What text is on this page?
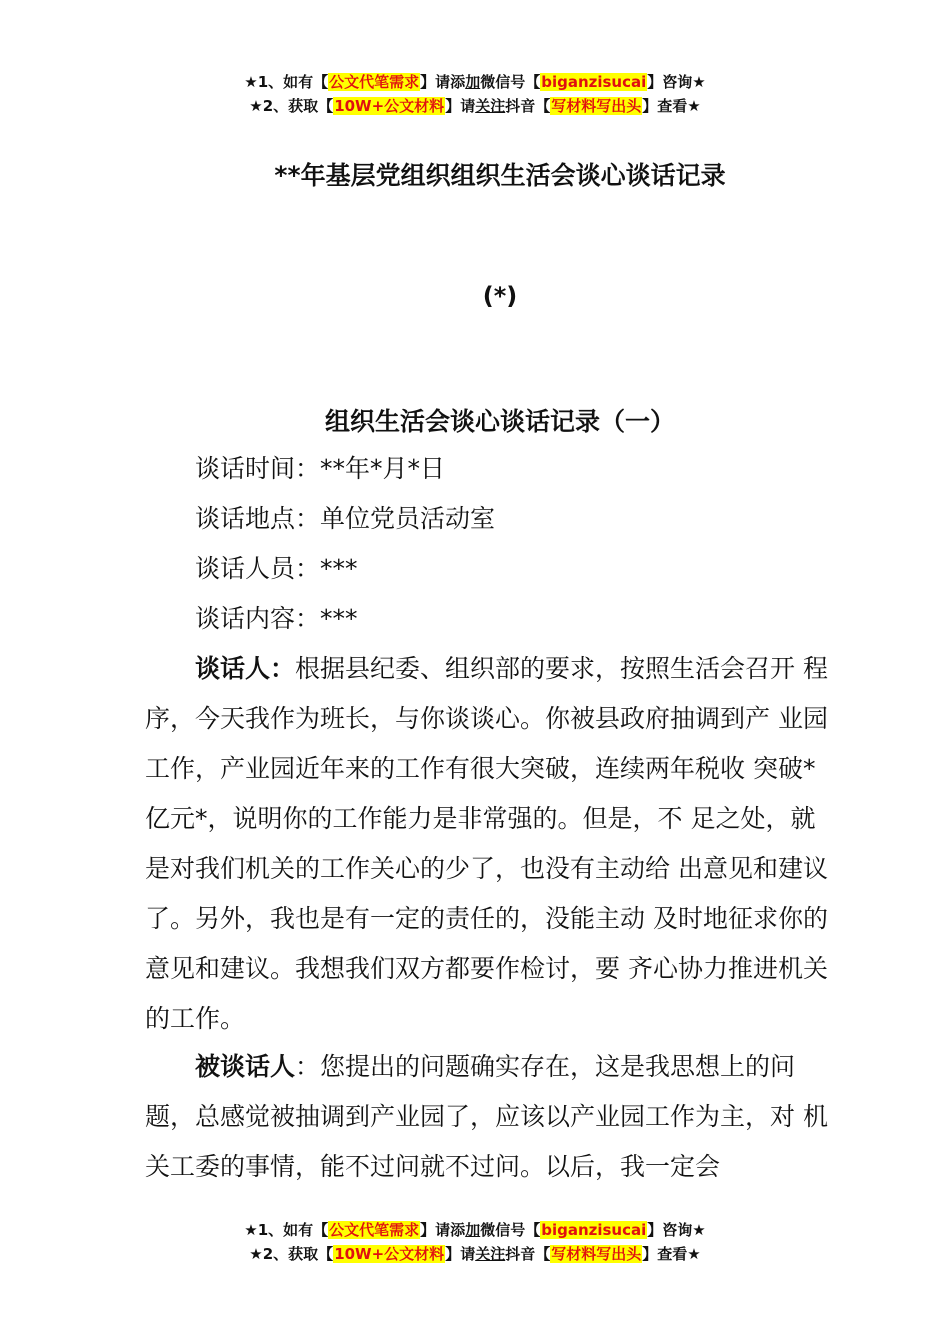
★1、如有【公文代笔需求】请添加微信号【biganzisucai】咨询★
★2、获取【10W+公文材料】请关注抖音【写材料写出头】查看★
**年基层党组织组织生活会谈心谈话记录
(*)
组织生活会谈心谈话记录（一）
谈话时间：**年*月*日
谈话地点：单位党员活动室
谈话人员：***
谈话内容：***
谈话人：根据县纪委、组织部的要求，按照生活会召开 程序，今天我作为班长，与你谈谈心。你被县政府抽调到产 业园工作，产业园近年来的工作有很大突破，连续两年税收 突破*亿元*，说明你的工作能力是非常强的。但是，不 足之处，就是对我们机关的工作关心的少了，也没有主动给 出意见和建议了。另外，我也是有一定的责任的，没能主动 及时地征求你的意见和建议。我想我们双方都要作检讨，要 齐心协力推进机关的工作。
被谈话人：您提出的问题确实存在，这是我思想上的问 题，总感觉被抽调到产业园了，应该以产业园工作为主，对 机关工委的事情，能不过问就不过问。以后，我一定会
★1、如有【公文代笔需求】请添加微信号【biganzisucai】咨询★
★2、获取【10W+公文材料】请关注抖音【写材料写出头】查看★
